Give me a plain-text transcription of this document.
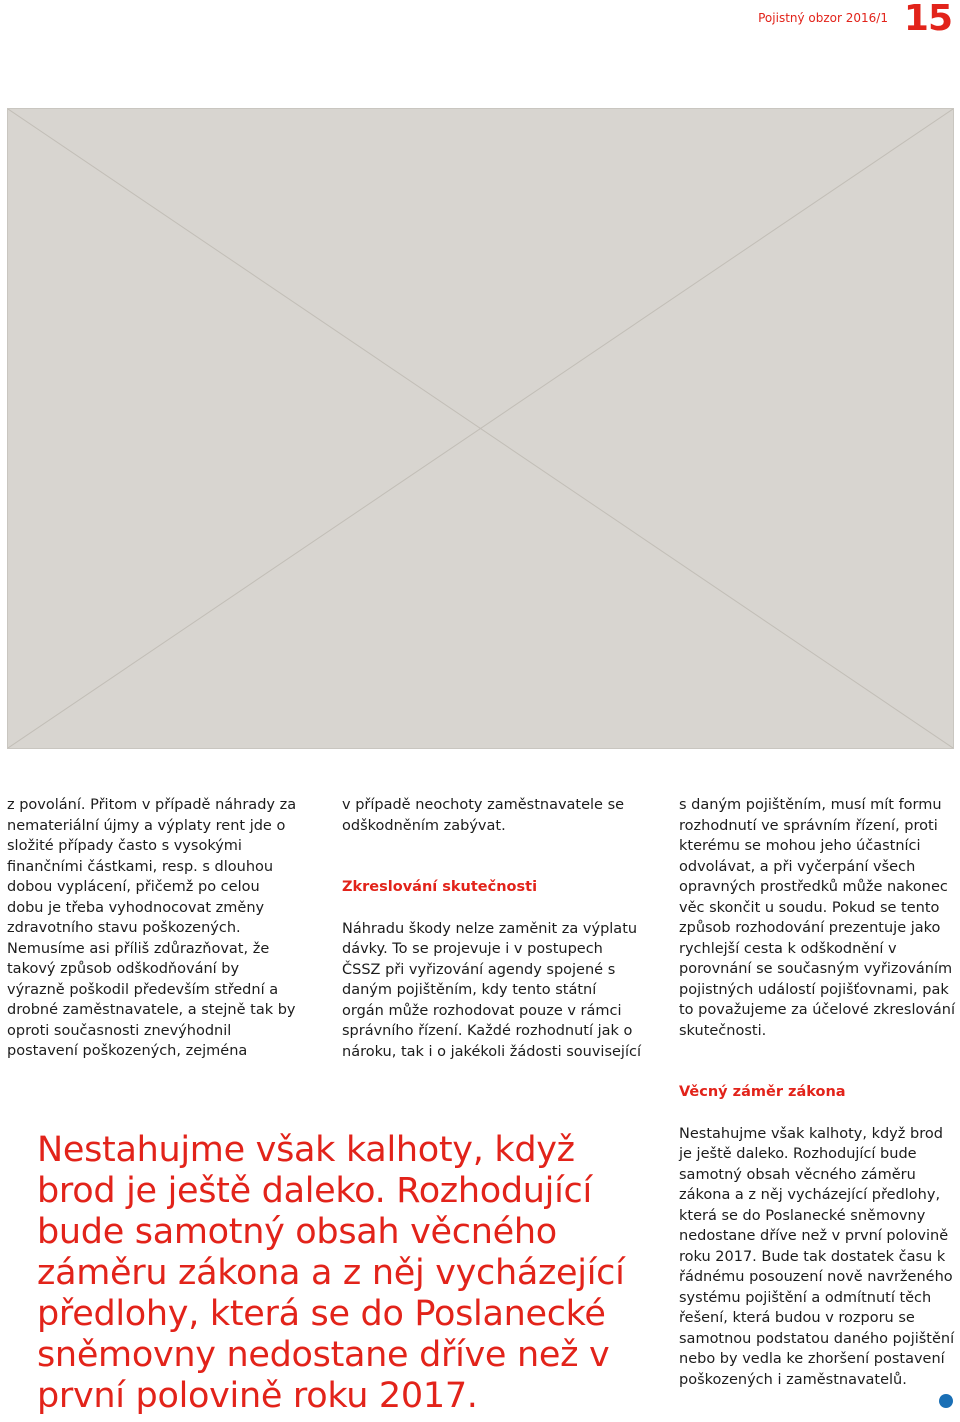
Pojistný obzor 2016/1 15

z povolání. Přitom v případě náhrady za nemateriální újmy a výplaty rent jde o složité případy často s vysokými finančními částkami, resp. s dlouhou dobou vyplácení, přičemž po celou dobu je třeba vyhodnocovat změny zdravotního stavu poškozených. Nemusíme asi příliš zdůrazňovat, že takový způsob odškodňování by výrazně poškodil především střední a drobné zaměstnavatele, a stejně tak by oproti současnosti znevýhodnil postavení poškozených, zejména

v případě neochoty zaměstnavatele se odškodněním zabývat.

Zkreslování skutečnosti

Náhradu škody nelze zaměnit za výplatu dávky. To se projevuje i v postupech ČSSZ při vyřizování agendy spojené s daným pojištěním, kdy tento státní orgán může rozhodovat pouze v rámci správního řízení. Každé rozhodnutí jak o nároku, tak i o jakékoli žádosti související

s daným pojištěním, musí mít formu rozhodnutí ve správním řízení, proti kterému se mohou jeho účastníci odvolávat, a při vyčerpání všech opravných prostředků může nakonec věc skončit u soudu. Pokud se tento způsob rozhodování prezentuje jako rychlejší cesta k odškodnění v porovnání se současným vyřizováním pojistných událostí pojišťovnami, pak to považujeme za účelové zkreslování skutečnosti.

Věcný záměr zákona

Nestahujme však kalhoty, když brod je ještě daleko. Rozhodující bude samotný obsah věcného záměru zákona a z něj vycházející předlohy, která se do Poslanecké sněmovny nedostane dříve než v první polovině roku 2017. Bude tak dostatek času k řádnému posouzení nově navrženého systému pojištění a odmítnutí těch řešení, která budou v rozporu se samotnou podstatou daného pojištění nebo by vedla ke zhoršení postavení poškozených i zaměstnavatelů.

Nestahujme však kalhoty, když brod je ještě daleko. Rozhodující bude samotný obsah věcného záměru zákona a z něj vycházející předlohy, která se do Poslanecké sněmovny nedostane dříve než v první polovině roku 2017.
